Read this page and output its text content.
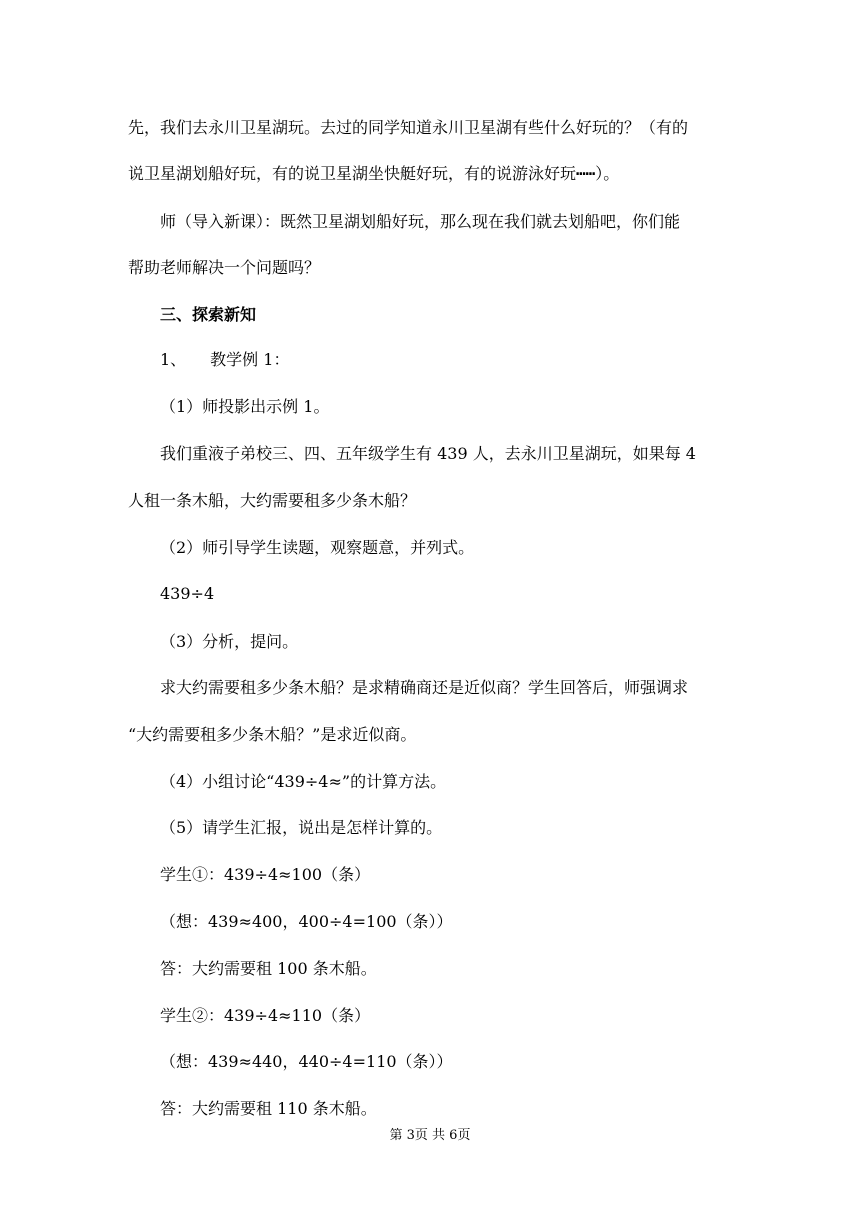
先，我们去永川卫星湖玩。去过的同学知道永川卫星湖有些什么好玩的？（有的
说卫星湖划船好玩，有的说卫星湖坐快艇好玩，有的说游泳好玩┅┅）。
师（导入新课）：既然卫星湖划船好玩，那么现在我们就去划船吧，你们能
帮助老师解决一个问题吗？
三、探索新知
1、　　教学例 1：
（1）师投影出示例 1。
我们重液子弟校三、四、五年级学生有 439 人，去永川卫星湖玩，如果每 4
人租一条木船，大约需要租多少条木船？
（2）师引导学生读题，观察题意，并列式。
439÷4
（3）分析，提问。
求大约需要租多少条木船？是求精确商还是近似商？学生回答后，师强调求
“大约需要租多少条木船？”是求近似商。
（4）小组讨论“439÷4≈”的计算方法。
（5）请学生汇报，说出是怎样计算的。
学生①：439÷4≈100（条）
（想：439≈400，400÷4=100（条））
答：大约需要租 100 条木船。
学生②：439÷4≈110（条）
（想：439≈440，440÷4=110（条））
答：大约需要租 110 条木船。
第 3页 共 6页
